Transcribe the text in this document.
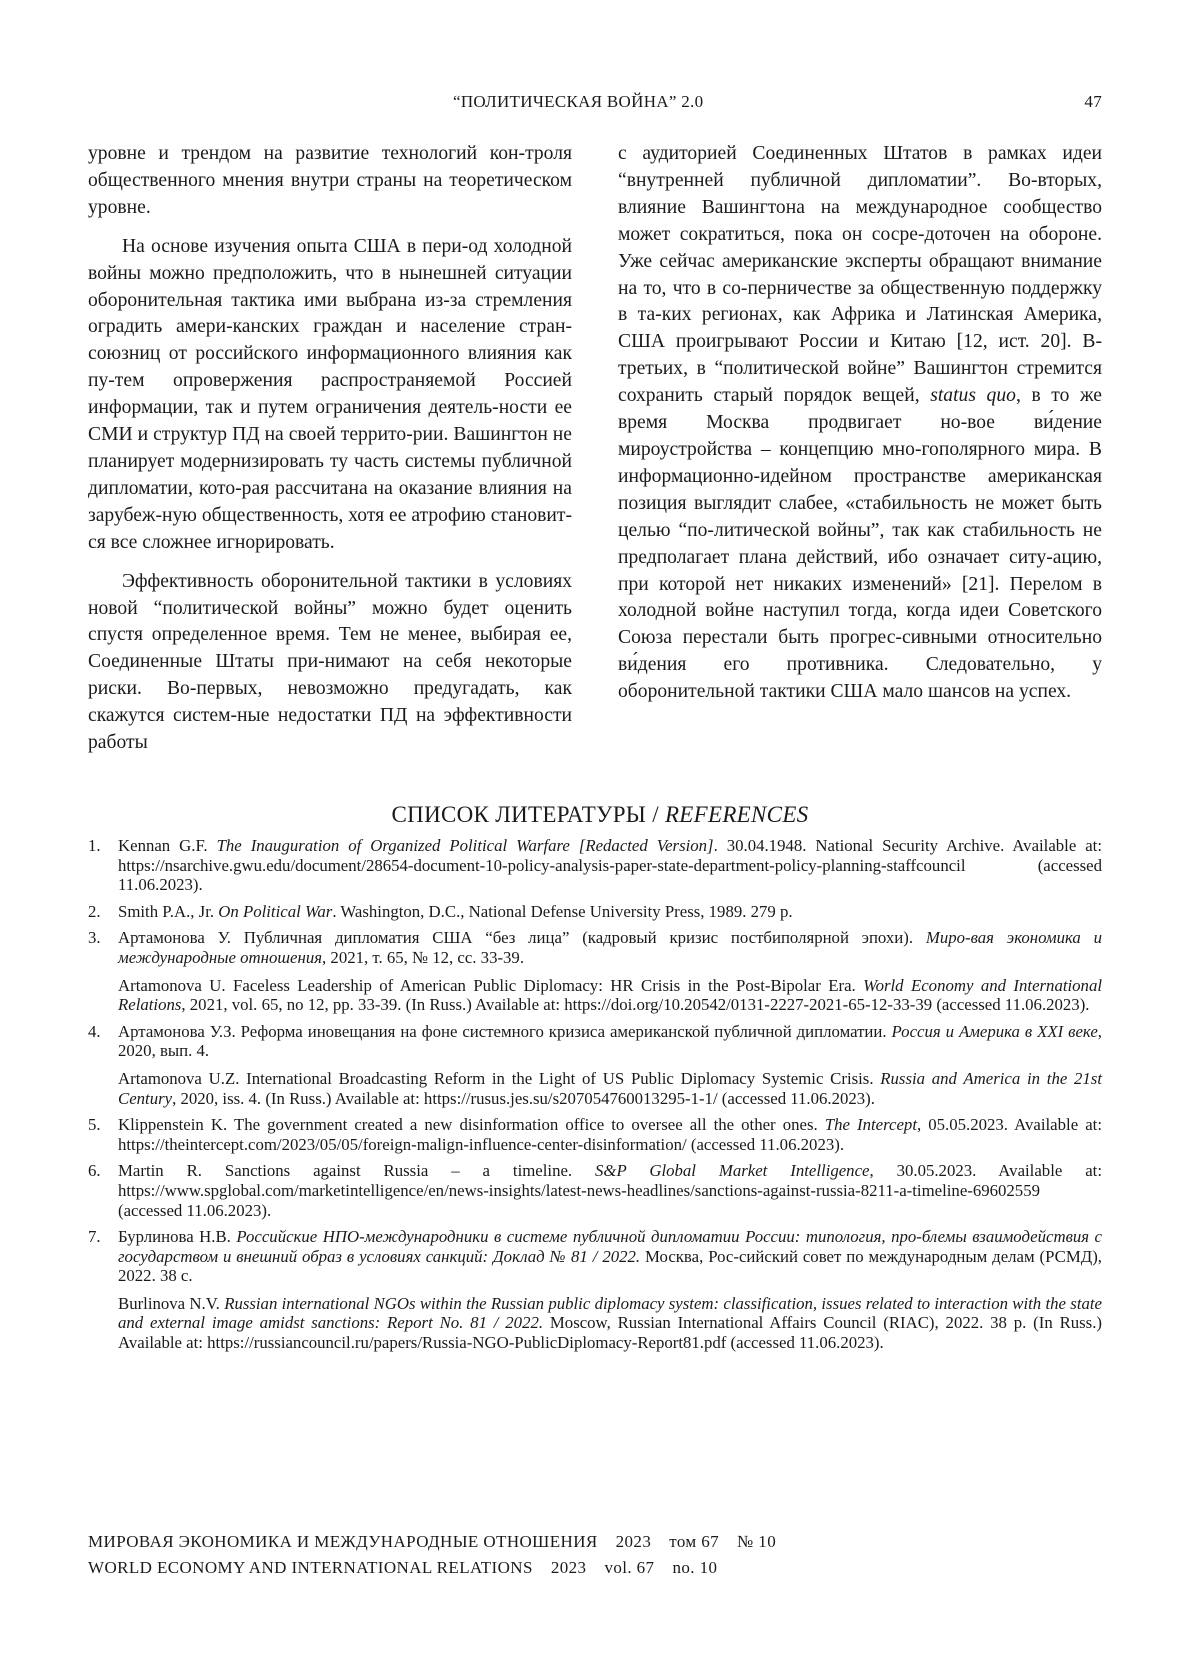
“ПОЛИТИЧЕСКАЯ ВОЙНА” 2.0	47

уровне и трендом на развитие технологий кон-троля общественного мнения внутри страны на теоретическом уровне.

На основе изучения опыта США в пери-од холодной войны можно предположить, что в нынешней ситуации оборонительная тактика ими выбрана из-за стремления оградить амери-канских граждан и население стран-союзниц от российского информационного влияния как пу-тем опровержения распространяемой Россией информации, так и путем ограничения деятель-ности ее СМИ и структур ПД на своей террито-рии. Вашингтон не планирует модернизировать ту часть системы публичной дипломатии, кото-рая рассчитана на оказание влияния на зарубеж-ную общественность, хотя ее атрофию становит-ся все сложнее игнорировать.

Эффективность оборонительной тактики в условиях новой “политической войны” можно будет оценить спустя определенное время. Тем не менее, выбирая ее, Соединенные Штаты при-нимают на себя некоторые риски. Во-первых, невозможно предугадать, как скажутся систем-ные недостатки ПД на эффективности работы

с аудиторией Соединенных Штатов в рамках идеи “внутренней публичной дипломатии”. Во-вторых, влияние Вашингтона на международное сообщество может сократиться, пока он сосре-доточен на обороне. Уже сейчас американские эксперты обращают внимание на то, что в со-перничестве за общественную поддержку в та-ких регионах, как Африка и Латинская Америка, США проигрывают России и Китаю [12, ист. 20]. В-третьих, в “политической войне” Вашингтон стремится сохранить старый порядок вещей, status quo, в то же время Москва продвигает но-вое ви́дение мироустройства – концепцию мно-гополярного мира. В информационно-идейном пространстве американская позиция выглядит слабее, «стабильность не может быть целью “по-литической войны”, так как стабильность не предполагает плана действий, ибо означает ситу-ацию, при которой нет никаких изменений» [21]. Перелом в холодной войне наступил тогда, когда идеи Советского Союза перестали быть прогрес-сивными относительно ви́дения его противника. Следовательно, у оборонительной тактики США мало шансов на успех.

СПИСОК ЛИТЕРАТУРЫ / REFERENCES
1. Kennan G.F. The Inauguration of Organized Political Warfare [Redacted Version]. 30.04.1948. National Security Archive. Available at: https://nsarchive.gwu.edu/document/28654-document-10-policy-analysis-paper-state-department-policy-planning-staffcouncil (accessed 11.06.2023).
2. Smith P.A., Jr. On Political War. Washington, D.C., National Defense University Press, 1989. 279 p.
3. Артамонова У. Публичная дипломатия США “без лица” (кадровый кризис постбиполярной эпохи). Миро-вая экономика и международные отношения, 2021, т. 65, № 12, сс. 33-39.
Artamonova U. Faceless Leadership of American Public Diplomacy: HR Crisis in the Post-Bipolar Era. World Economy and International Relations, 2021, vol. 65, no 12, pp. 33-39. (In Russ.) Available at: https://doi.org/10.20542/0131-2227-2021-65-12-33-39 (accessed 11.06.2023).
4. Артамонова У.З. Реформа иновещания на фоне системного кризиса американской публичной дипломатии. Россия и Америка в XXI веке, 2020, вып. 4.
Artamonova U.Z. International Broadcasting Reform in the Light of US Public Diplomacy Systemic Crisis. Russia and America in the 21st Century, 2020, iss. 4. (In Russ.) Available at: https://rusus.jes.su/s207054760013295-1-1/ (accessed 11.06.2023).
5. Klippenstein K. The government created a new disinformation office to oversee all the other ones. The Intercept, 05.05.2023. Available at: https://theintercept.com/2023/05/05/foreign-malign-influence-center-disinformation/ (accessed 11.06.2023).
6. Martin R. Sanctions against Russia – a timeline. S&P Global Market Intelligence, 30.05.2023. Available at: https://www.spglobal.com/marketintelligence/en/news-insights/latest-news-headlines/sanctions-against-russia-8211-a-timeline-69602559 (accessed 11.06.2023).
7. Бурлинова Н.В. Российские НПО-международники в системе публичной дипломатии России: типология, про-блемы взаимодействия с государством и внешний образ в условиях санкций: Доклад № 81 / 2022. Москва, Рос-сийский совет по международным делам (РСМД), 2022. 38 с.
Burlinova N.V. Russian international NGOs within the Russian public diplomacy system: classification, issues related to interaction with the state and external image amidst sanctions: Report No. 81 / 2022. Moscow, Russian International Affairs Council (RIAC), 2022. 38 p. (In Russ.) Available at: https://russiancouncil.ru/papers/Russia-NGO-PublicDiplomacy-Report81.pdf (accessed 11.06.2023).
МИРОВАЯ ЭКОНОМИКА И МЕЖДУНАРОДНЫЕ ОТНОШЕНИЯ 2023 том 67 № 10
WORLD ECONOMY AND INTERNATIONAL RELATIONS 2023 vol. 67 no. 10
